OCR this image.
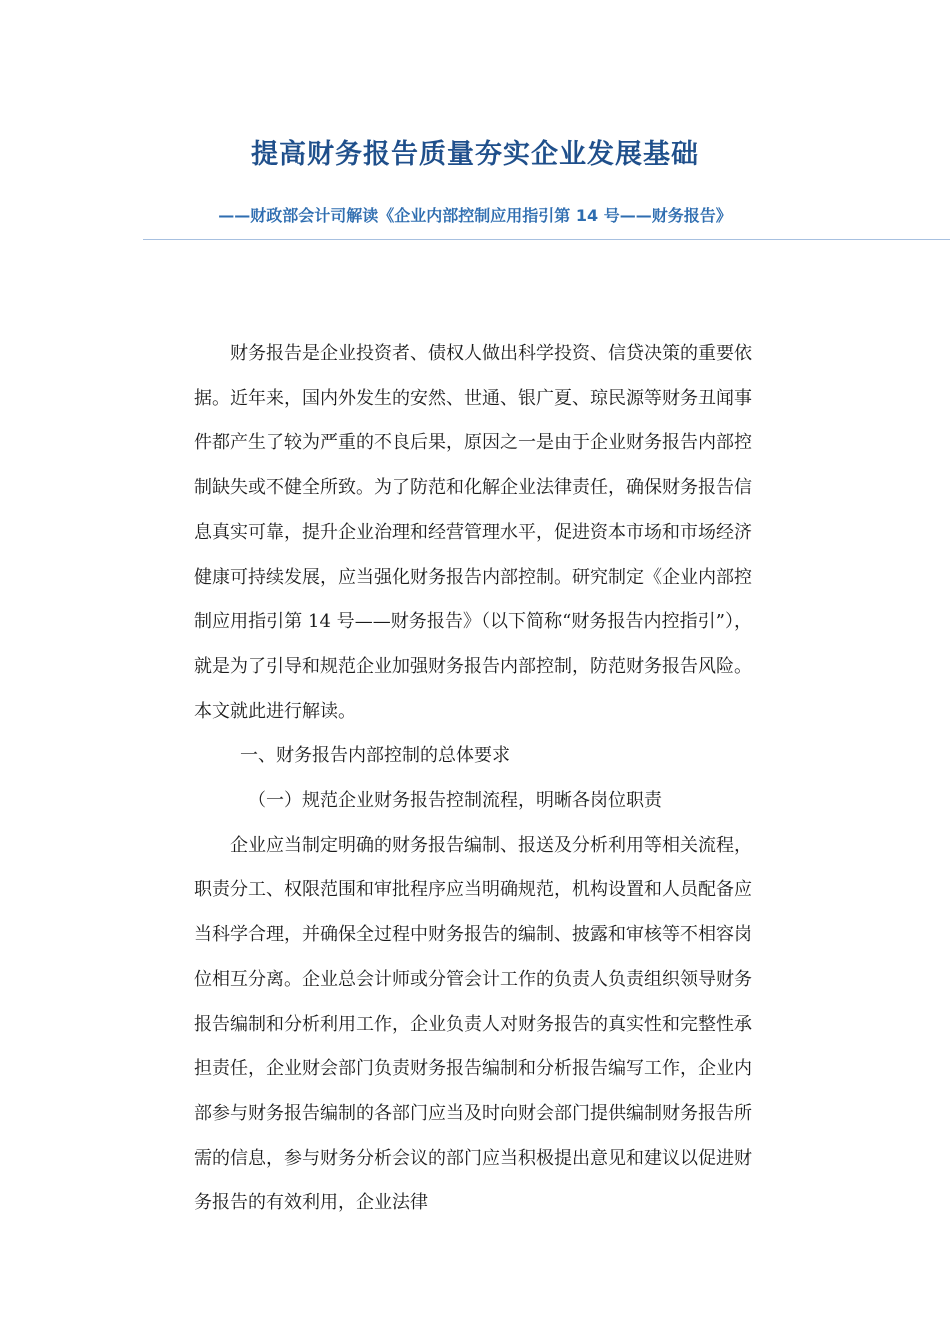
提高财务报告质量夯实企业发展基础
——财政部会计司解读《企业内部控制应用指引第 14 号——财务报告》

财务报告是企业投资者、债权人做出科学投资、信贷决策的重要依据。近年来，国内外发生的安然、世通、银广夏、琼民源等财务丑闻事件都产生了较为严重的不良后果，原因之一是由于企业财务报告内部控制缺失或不健全所致。为了防范和化解企业法律责任，确保财务报告信息真实可靠，提升企业治理和经营管理水平，促进资本市场和市场经济健康可持续发展，应当强化财务报告内部控制。研究制定《企业内部控制应用指引第 14 号——财务报告》（以下简称“财务报告内控指引”），就是为了引导和规范企业加强财务报告内部控制，防范财务报告风险。本文就此进行解读。

一、财务报告内部控制的总体要求

（一）规范企业财务报告控制流程，明晰各岗位职责

企业应当制定明确的财务报告编制、报送及分析利用等相关流程，职责分工、权限范围和审批程序应当明确规范，机构设置和人员配备应当科学合理，并确保全过程中财务报告的编制、披露和审核等不相容岗位相互分离。企业总会计师或分管会计工作的负责人负责组织领导财务报告编制和分析利用工作，企业负责人对财务报告的真实性和完整性承担责任，企业财会部门负责财务报告编制和分析报告编写工作，企业内部参与财务报告编制的各部门应当及时向财会部门提供编制财务报告所需的信息，参与财务分析会议的部门应当积极提出意见和建议以促进财务报告的有效利用，企业法律
